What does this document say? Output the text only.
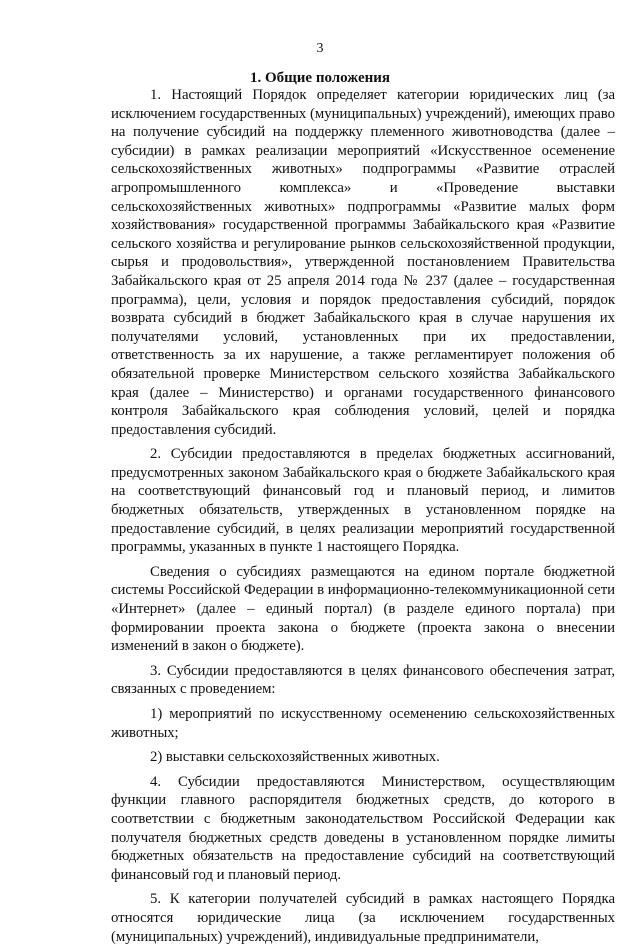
3
1. Общие положения

1. Настоящий Порядок определяет категории юридических лиц (за исключением государственных (муниципальных) учреждений), имеющих право на получение субсидий на поддержку племенного животноводства (далее – субсидии) в рамках реализации мероприятий «Искусственное осеменение сельскохозяйственных животных» подпрограммы «Развитие отраслей агропромышленного комплекса» и «Проведение выставки сельскохозяйственных животных» подпрограммы «Развитие малых форм хозяйствования» государственной программы Забайкальского края «Развитие сельского хозяйства и регулирование рынков сельскохозяйственной продукции, сырья и продовольствия», утвержденной постановлением Правительства Забайкальского края от 25 апреля 2014 года № 237 (далее – государственная программа), цели, условия и порядок предоставления субсидий, порядок возврата субсидий в бюджет Забайкальского края в случае нарушения их получателями условий, установленных при их предоставлении, ответственность за их нарушение, а также регламентирует положения об обязательной проверке Министерством сельского хозяйства Забайкальского края (далее – Министерство) и органами государственного финансового контроля Забайкальского края соблюдения условий, целей и порядка предоставления субсидий.

2. Субсидии предоставляются в пределах бюджетных ассигнований, предусмотренных законом Забайкальского края о бюджете Забайкальского края на соответствующий финансовый год и плановый период, и лимитов бюджетных обязательств, утвержденных в установленном порядке на предоставление субсидий, в целях реализации мероприятий государственной программы, указанных в пункте 1 настоящего Порядка.

Сведения о субсидиях размещаются на едином портале бюджетной системы Российской Федерации в информационно-телекоммуникационной сети «Интернет» (далее – единый портал) (в разделе единого портала) при формировании проекта закона о бюджете (проекта закона о внесении изменений в закон о бюджете).

3. Субсидии предоставляются в целях финансового обеспечения затрат, связанных с проведением:

1) мероприятий по искусственному осеменению сельскохозяйственных животных;

2) выставки сельскохозяйственных животных.

4. Субсидии предоставляются Министерством, осуществляющим функции главного распорядителя бюджетных средств, до которого в соответствии с бюджетным законодательством Российской Федерации как получателя бюджетных средств доведены в установленном порядке лимиты бюджетных обязательств на предоставление субсидий на соответствующий финансовый год и плановый период.

5. К категории получателей субсидий в рамках настоящего Порядка относятся юридические лица (за исключением государственных (муниципальных) учреждений), индивидуальные предприниматели,
